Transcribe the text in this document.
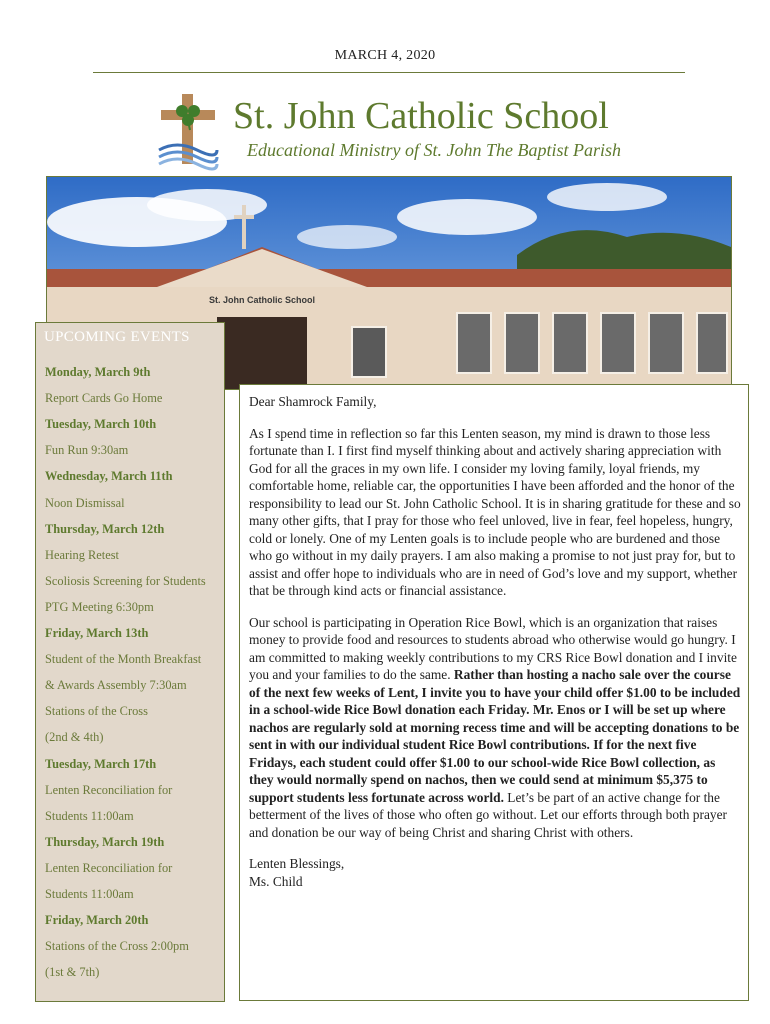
MARCH 4, 2020
St. John Catholic School
Educational Ministry of St. John The Baptist Parish
St. John Catholic School
UPCOMING EVENTS
Monday, March 9th
Report Cards Go Home
Tuesday, March 10th
Fun Run 9:30am
Wednesday, March 11th
Noon Dismissal
Thursday, March 12th
Hearing Retest
Scoliosis Screening for Students
PTG Meeting 6:30pm
Friday, March 13th
Student of the Month Breakfast
& Awards Assembly 7:30am
Stations of the Cross
(2nd & 4th)
Tuesday, March 17th
Lenten Reconciliation for
Students 11:00am
Thursday, March 19th
Lenten Reconciliation for
Students 11:00am
Friday, March 20th
Stations of the Cross 2:00pm
(1st & 7th)

Dear Shamrock Family,

As I spend time in reflection so far this Lenten season, my mind is drawn to those less fortunate than I. I first find myself thinking about and actively sharing appreciation with God for all the graces in my own life. I consider my loving family, loyal friends, my comfortable home, reliable car, the opportunities I have been afforded and the honor of the responsibility to lead our St. John Catholic School. It is in sharing gratitude for these and so many other gifts, that I pray for those who feel unloved, live in fear, feel hopeless, hungry, cold or lonely. One of my Lenten goals is to include people who are burdened and those who go without in my daily prayers. I am also making a promise to not just pray for, but to assist and offer hope to individuals who are in need of God’s love and my support, whether that be through kind acts or financial assistance.

Our school is participating in Operation Rice Bowl, which is an organization that raises money to provide food and resources to students abroad who otherwise would go hungry. I am committed to making weekly contributions to my CRS Rice Bowl donation and I invite you and your families to do the same. Rather than hosting a nacho sale over the course of the next few weeks of Lent, I invite you to have your child offer $1.00 to be included in a school-wide Rice Bowl donation each Friday. Mr. Enos or I will be set up where nachos are regularly sold at morning recess time and will be accepting donations to be sent in with our individual student Rice Bowl contributions. If for the next five Fridays, each student could offer $1.00 to our school-wide Rice Bowl collection, as they would normally spend on nachos, then we could send at minimum $5,375 to support students less fortunate across world. Let’s be part of an active change for the betterment of the lives of those who often go without. Let our efforts through both prayer and donation be our way of being Christ and sharing Christ with others.

Lenten Blessings,

Ms. Child
